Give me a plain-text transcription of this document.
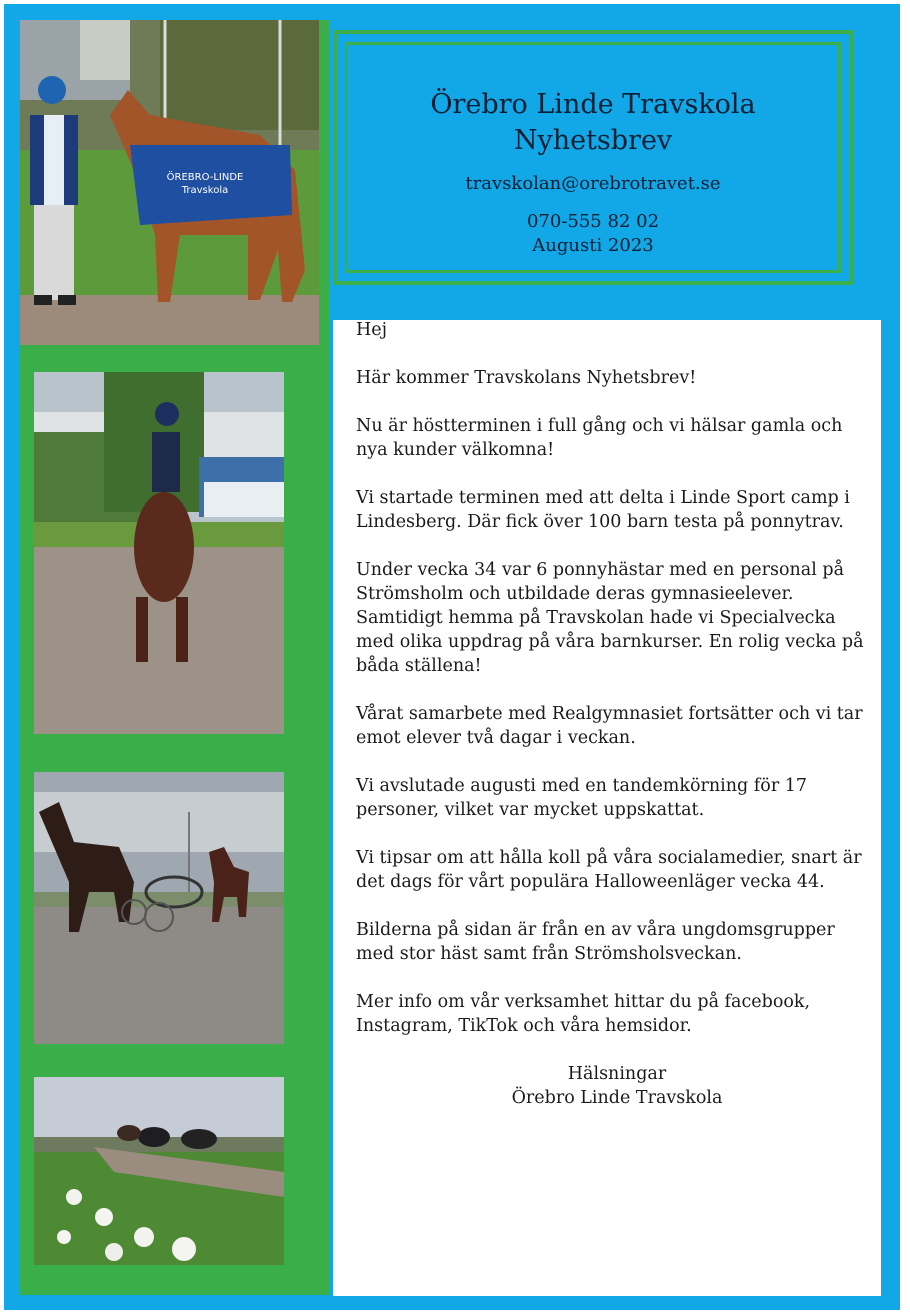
Örebro Linde Travskola
Nyhetsbrev
travskolan@orebrotravet.se
070-555 82 02
Augusti 2023
ÖREBRO-LINDE
Travskola

Hej

Här kommer Travskolans Nyhetsbrev!

Nu är höstterminen i full gång och vi hälsar gamla och nya kunder välkomna!

Vi startade terminen med att delta i Linde Sport camp i Lindesberg. Där fick över 100 barn testa på ponnytrav.

Under vecka 34 var 6 ponnyhästar med en personal på Strömsholm och utbildade deras gymnasieelever. Samtidigt hemma på Travskolan hade vi Specialvecka med olika uppdrag på våra barnkurser. En rolig vecka på båda ställena!

Vårat samarbete med Realgymnasiet fortsätter och vi tar emot elever två dagar i veckan.

Vi avslutade augusti med en tandemkörning för 17 personer, vilket var mycket uppskattat.

Vi tipsar om att hålla koll på våra socialamedier, snart är det dags för vårt populära Halloweenläger vecka 44.

Bilderna på sidan är från en av våra ungdomsgrupper med stor häst samt från Strömsholsveckan.

Mer info om vår verksamhet hittar du på facebook, Instagram, TikTok och våra hemsidor.

Hälsningar
Örebro Linde Travskola
